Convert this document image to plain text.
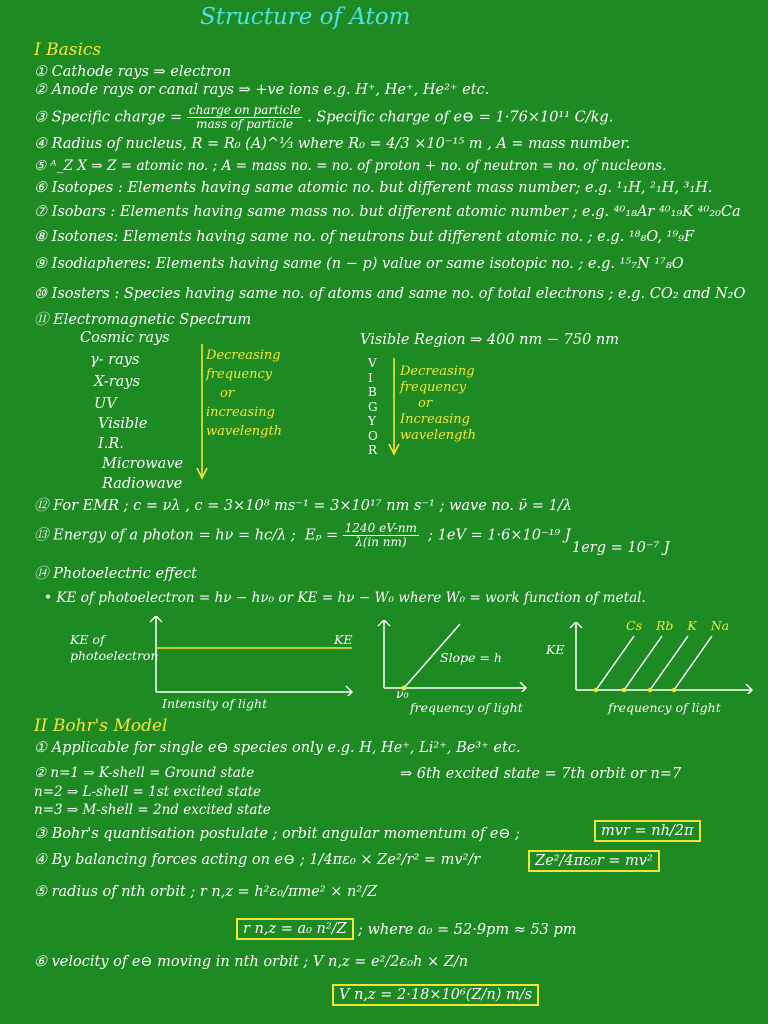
Structure of Atom
I Basics
① Cathode rays ⇒ electron
② Anode rays or canal rays ⇒ +ve ions e.g. H⁺, He⁺, He²⁺ etc.
③ Specific charge = $\frac{\text{charge on particle}}{\text{mass of particle}}$ . Specific charge of e⊖ = 1·76×10¹¹ C/kg.
④ Radius of nucleus, R = R₀ (A)^⅓ where R₀ = 4/3 ×10⁻¹⁵ m , A = mass number.
⑤ ᴬ_Z X ⇒ Z = atomic no. ; A = mass no. = no. of proton + no. of neutron = no. of nucleons.
⑥ Isotopes : Elements having same atomic no. but different mass number; e.g. ¹₁H, ²₁H, ³₁H.
⑦ Isobars : Elements having same mass no. but different atomic number ; e.g. ⁴⁰₁₈Ar ⁴⁰₁₉K ⁴⁰₂₀Ca
⑧ Isotones: Elements having same no. of neutrons but different atomic no. ; e.g. ¹⁸₈O, ¹⁹₉F
⑨ Isodiapheres: Elements having same (n − p) value or same isotopic no. ; e.g. ¹⁵₇N ¹⁷₈O
⑩ Isosters : Species having same no. of atoms and same no. of total electrons ; e.g. CO₂ and N₂O
⑪ Electromagnetic Spectrum
Cosmic rays
γ- rays
X-rays
UV
Visible
I.R.
Microwave
Radiowave
Decreasing
frequency
or
increasing
wavelength
Visible Region ⇒ 400 nm − 750 nm
V
I
B
G
Y
O
R
Decreasing
frequency
or
Increasing
wavelength
⑫ For EMR ; c = νλ , c = 3×10⁸ ms⁻¹ = 3×10¹⁷ nm s⁻¹ ; wave no. ν̄ = 1/λ
⑬ Energy of a photon = hν = hc/λ ; $E_p = \frac{1240 eV-nm}{\text{λ(in nm)}}$ ; 1eV = 1·6×10⁻¹⁹ J
1erg = 10⁻⁷ J
⑭ Photoelectric effect
• KE of photoelectron = hν − hν₀ or KE = hν − W₀ where W₀ = work function of metal.
KE of
photoelectron
Intensity of light
KE
Slope = h
ν₀
frequency of light
KE
Cs Rb K Na
frequency of light
II Bohr's Model
① Applicable for single e⊖ species only e.g. H, He⁺, Li²⁺, Be³⁺ etc.
② n=1 ⇒ K-shell = Ground state
n=2 ⇒ L-shell = 1st excited state
n=3 ⇒ M-shell = 2nd excited state
⇒ 6th excited state = 7th orbit or n=7
③ Bohr's quantisation postulate ; orbit angular momentum of e⊖ ;	mvr = nh/2π
④ By balancing forces acting on e⊖ ; 1/4πε₀ × Ze²/r² = mv²/r	Ze²/4πε₀r = mv²
⑤ radius of nth orbit ; r n,z = h²ε₀/πme² × n²/Z
r n,z = a₀ n²/Z ; where a₀ = 52·9pm ≈ 53 pm
⑥ velocity of e⊖ moving in nth orbit ; V n,z = e²/2ε₀h × Z/n
V n,z = 2·18×10⁶(Z/n) m/s
